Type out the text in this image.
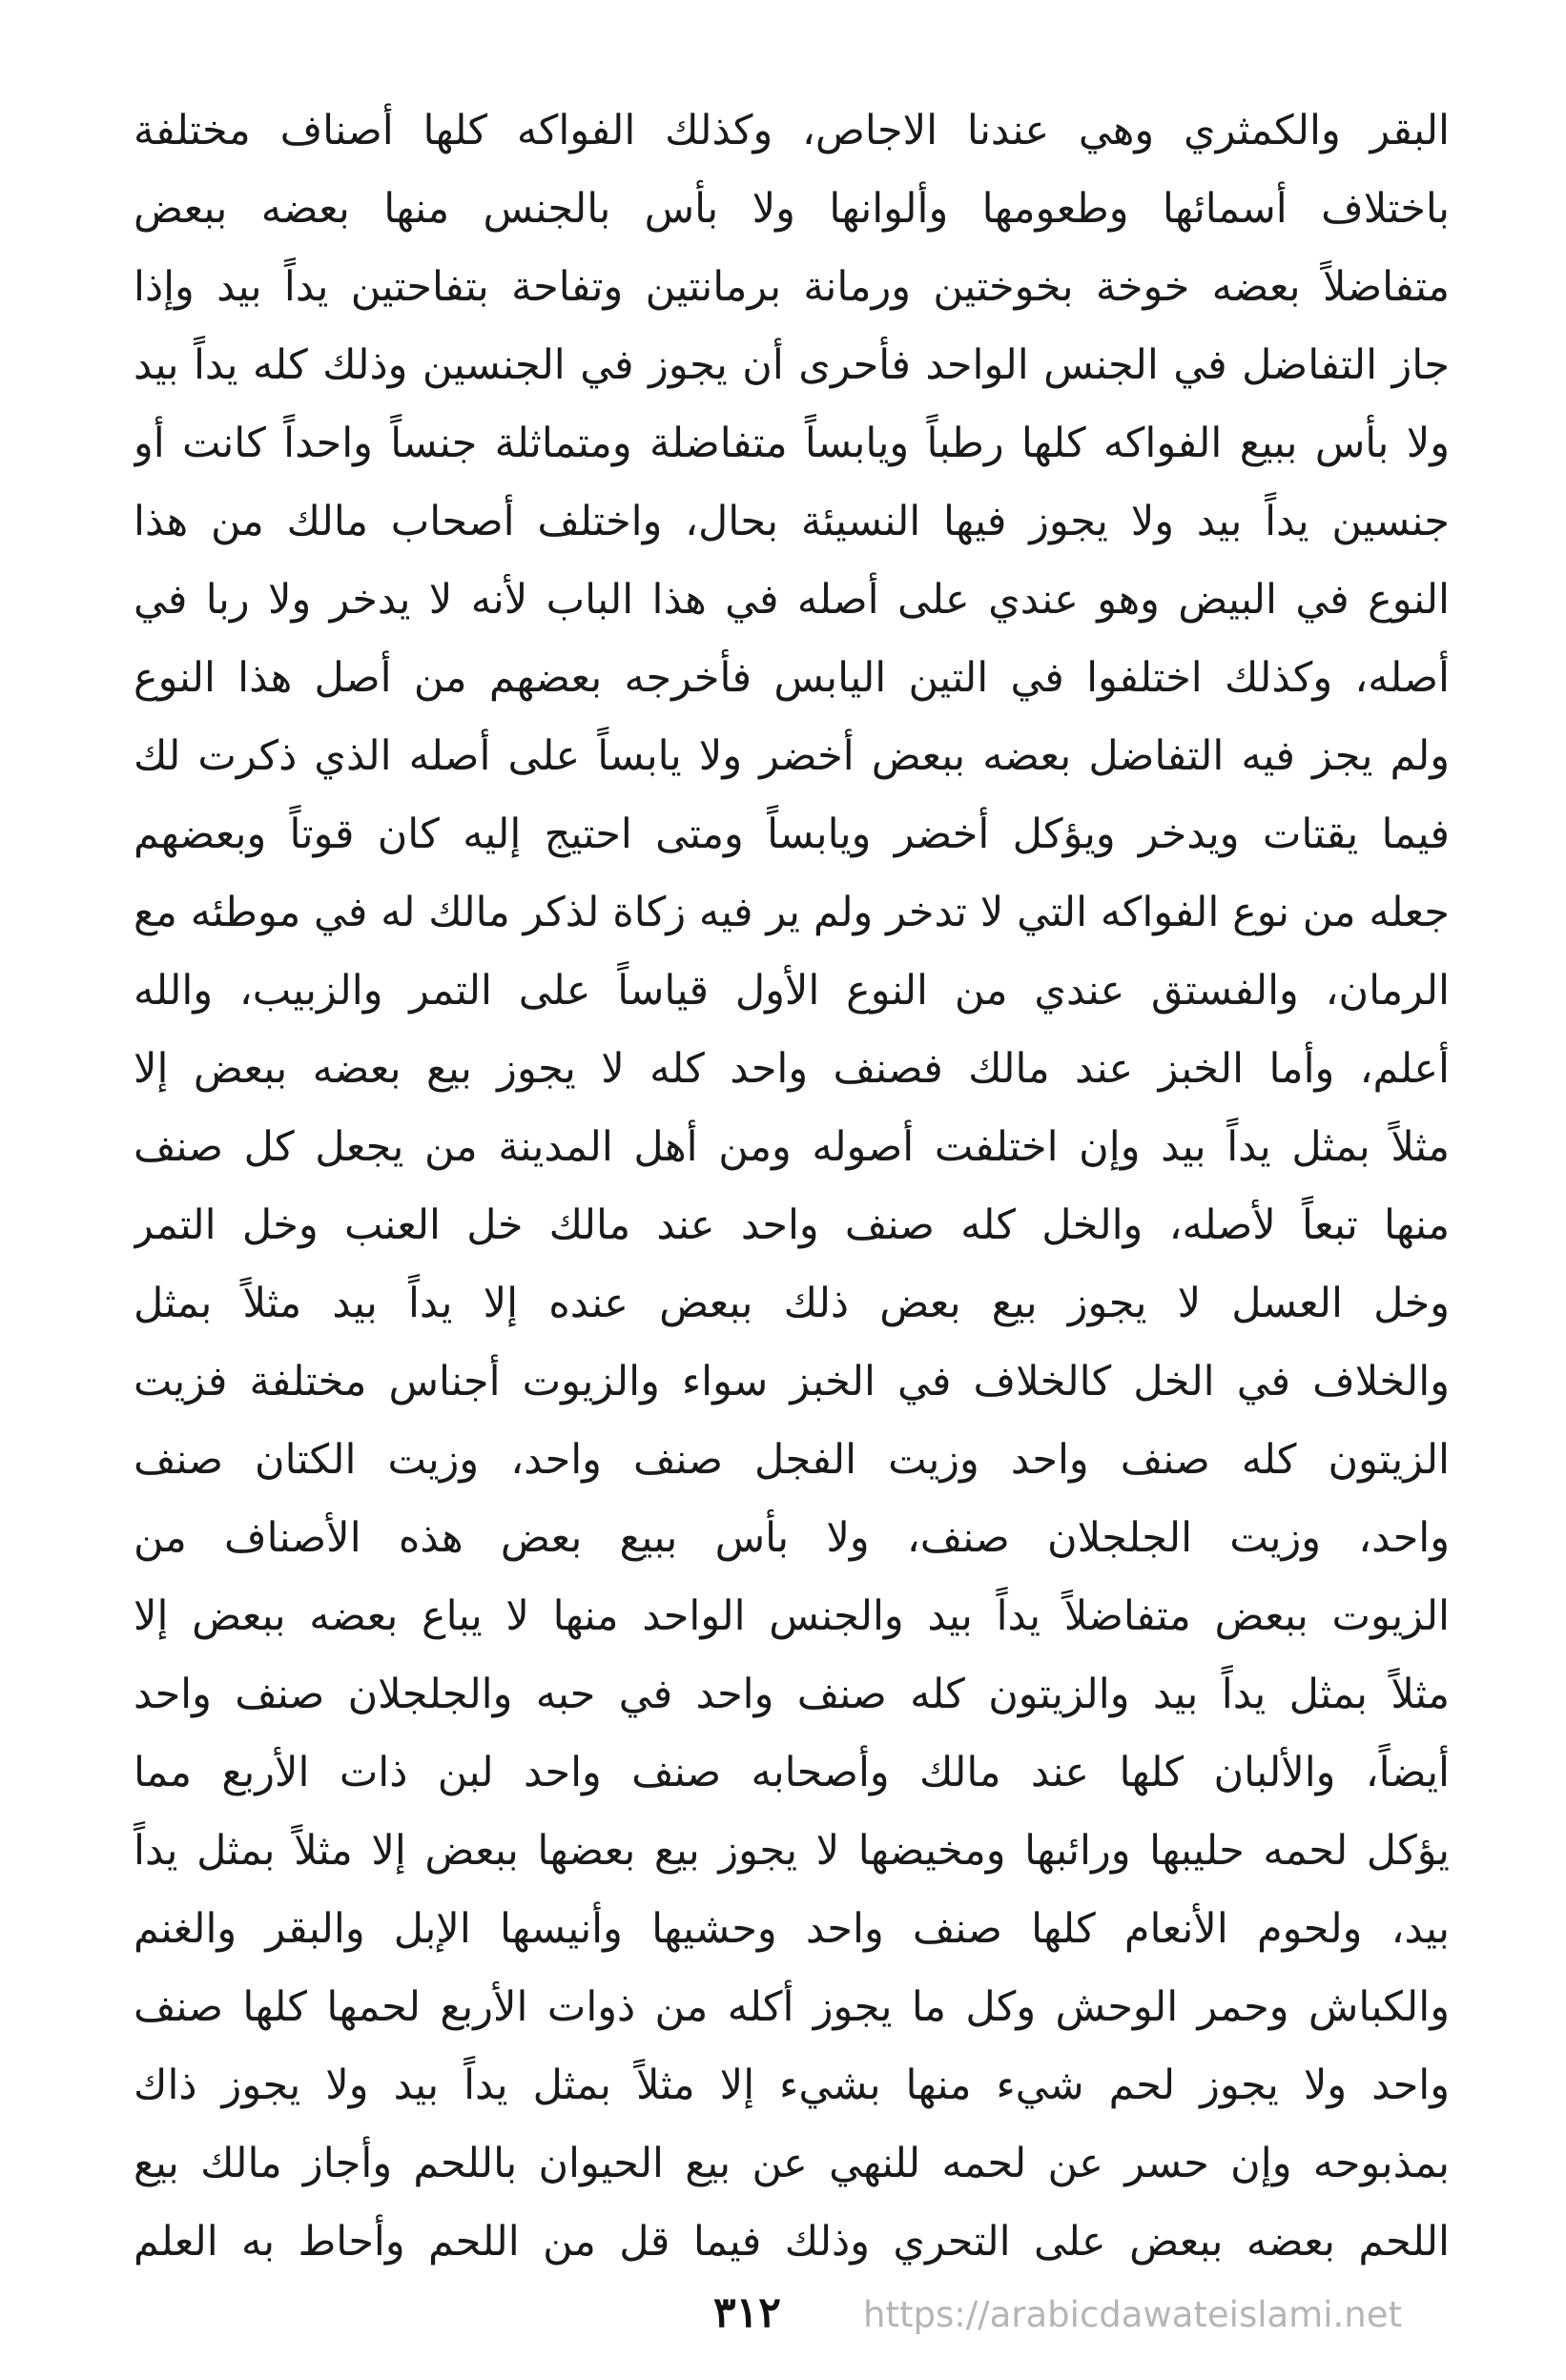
البقر والكمثري وهي عندنا الاجاص، وكذلك الفواكه كلها أصناف مختلفة
باختلاف أسمائها وطعومها وألوانها ولا بأس بالجنس منها بعضه ببعض
متفاضلاً بعضه خوخة بخوختين ورمانة برمانتين وتفاحة بتفاحتين يداً بيد وإذا
جاز التفاضل في الجنس الواحد فأحرى أن يجوز في الجنسين وذلك كله يداً بيد
ولا بأس ببيع الفواكه كلها رطباً ويابساً متفاضلة ومتماثلة جنساً واحداً كانت أو
جنسين يداً بيد ولا يجوز فيها النسيئة بحال، واختلف أصحاب مالك من هذا
النوع في البيض وهو عندي على أصله في هذا الباب لأنه لا يدخر ولا ربا في
أصله، وكذلك اختلفوا في التين اليابس فأخرجه بعضهم من أصل هذا النوع
ولم يجز فيه التفاضل بعضه ببعض أخضر ولا يابساً على أصله الذي ذكرت لك
فيما يقتات ويدخر ويؤكل أخضر ويابساً ومتى احتيج إليه كان قوتاً وبعضهم
جعله من نوع الفواكه التي لا تدخر ولم ير فيه زكاة لذكر مالك له في موطئه مع
الرمان، والفستق عندي من النوع الأول قياساً على التمر والزبيب، والله
أعلم، وأما الخبز عند مالك فصنف واحد كله لا يجوز بيع بعضه ببعض إلا
مثلاً بمثل يداً بيد وإن اختلفت أصوله ومن أهل المدينة من يجعل كل صنف
منها تبعاً لأصله، والخل كله صنف واحد عند مالك خل العنب وخل التمر
وخل العسل لا يجوز بيع بعض ذلك ببعض عنده إلا يداً بيد مثلاً بمثل
والخلاف في الخل كالخلاف في الخبز سواء والزيوت أجناس مختلفة فزيت
الزيتون كله صنف واحد وزيت الفجل صنف واحد، وزيت الكتان صنف
واحد، وزيت الجلجلان صنف، ولا بأس ببيع بعض هذه الأصناف من
الزيوت ببعض متفاضلاً يداً بيد والجنس الواحد منها لا يباع بعضه ببعض إلا
مثلاً بمثل يداً بيد والزيتون كله صنف واحد في حبه والجلجلان صنف واحد
أيضاً، والألبان كلها عند مالك وأصحابه صنف واحد لبن ذات الأربع مما
يؤكل لحمه حليبها ورائبها ومخيضها لا يجوز بيع بعضها ببعض إلا مثلاً بمثل يداً
بيد، ولحوم الأنعام كلها صنف واحد وحشيها وأنيسها الإبل والبقر والغنم
والكباش وحمر الوحش وكل ما يجوز أكله من ذوات الأربع لحمها كلها صنف
واحد ولا يجوز لحم شيء منها بشيء إلا مثلاً بمثل يداً بيد ولا يجوز ذاك
بمذبوحه وإن حسر عن لحمه للنهي عن بيع الحيوان باللحم وأجاز مالك بيع
اللحم بعضه ببعض على التحري وذلك فيما قل من اللحم وأحاط به العلم
٣١٢ https://arabicdawateislami.net
